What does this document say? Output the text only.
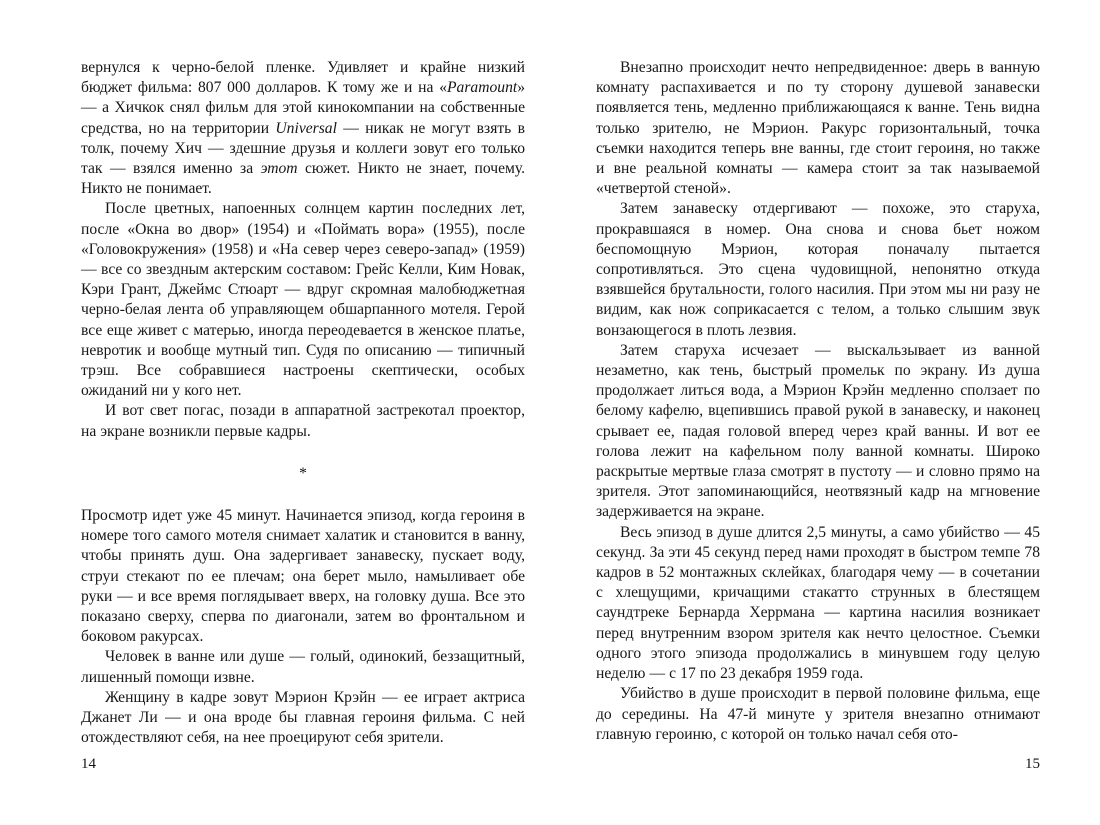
вернулся к черно-белой пленке. Удивляет и крайне низкий бюджет фильма: 807 000 долларов. К тому же и на «Paramount» — а Хичкок снял фильм для этой кинокомпании на собственные средства, но на территории Universal — никак не могут взять в толк, почему Хич — здешние друзья и коллеги зовут его только так — взялся именно за этот сюжет. Никто не знает, почему. Никто не понимает.

После цветных, напоенных солнцем картин последних лет, после «Окна во двор» (1954) и «Поймать вора» (1955), после «Головокружения» (1958) и «На север через северо-запад» (1959) — все со звездным актерским составом: Грейс Келли, Ким Новак, Кэри Грант, Джеймс Стюарт — вдруг скромная малобюджетная черно-белая лента об управляющем обшарпанного мотеля. Герой все еще живет с матерью, иногда переодевается в женское платье, невротик и вообще мутный тип. Судя по описанию — типичный трэш. Все собравшиеся настроены скептически, особых ожиданий ни у кого нет.

И вот свет погас, позади в аппаратной застрекотал проектор, на экране возникли первые кадры.

*

Просмотр идет уже 45 минут. Начинается эпизод, когда героиня в номере того самого мотеля снимает халатик и становится в ванну, чтобы принять душ. Она задергивает занавеску, пускает воду, струи стекают по ее плечам; она берет мыло, намыливает обе руки — и все время поглядывает вверх, на головку душа. Все это показано сверху, сперва по диагонали, затем во фронтальном и боковом ракурсах.

Человек в ванне или душе — голый, одинокий, беззащитный, лишенный помощи извне.

Женщину в кадре зовут Мэрион Крэйн — ее играет актриса Джанет Ли — и она вроде бы главная героиня фильма. С ней отождествляют себя, на нее проецируют себя зрители.

Внезапно происходит нечто непредвиденное: дверь в ванную комнату распахивается и по ту сторону душевой занавески появляется тень, медленно приближающаяся к ванне. Тень видна только зрителю, не Мэрион. Ракурс горизонтальный, точка съемки находится теперь вне ванны, где стоит героиня, но также и вне реальной комнаты — камера стоит за так называемой «четвертой стеной».

Затем занавеску отдергивают — похоже, это старуха, прокравшаяся в номер. Она снова и снова бьет ножом беспомощную Мэрион, которая поначалу пытается сопротивляться. Это сцена чудовищной, непонятно откуда взявшейся брутальности, голого насилия. При этом мы ни разу не видим, как нож соприкасается с телом, а только слышим звук вонзающегося в плоть лезвия.

Затем старуха исчезает — выскальзывает из ванной незаметно, как тень, быстрый промельк по экрану. Из душа продолжает литься вода, а Мэрион Крэйн медленно сползает по белому кафелю, вцепившись правой рукой в занавеску, и наконец срывает ее, падая головой вперед через край ванны. И вот ее голова лежит на кафельном полу ванной комнаты. Широко раскрытые мертвые глаза смотрят в пустоту — и словно прямо на зрителя. Этот запоминающийся, неотвязный кадр на мгновение задерживается на экране.

Весь эпизод в душе длится 2,5 минуты, а само убийство — 45 секунд. За эти 45 секунд перед нами проходят в быстром темпе 78 кадров в 52 монтажных склейках, благодаря чему — в сочетании с хлещущими, кричащими стакатто струнных в блестящем саундтреке Бернарда Херрмана — картина насилия возникает перед внутренним взором зрителя как нечто целостное. Съемки одного этого эпизода продолжались в минувшем году целую неделю — с 17 по 23 декабря 1959 года.

Убийство в душе происходит в первой половине фильма, еще до середины. На 47-й минуте у зрителя внезапно отнимают главную героиню, с которой он только начал себя ото-

14	15
